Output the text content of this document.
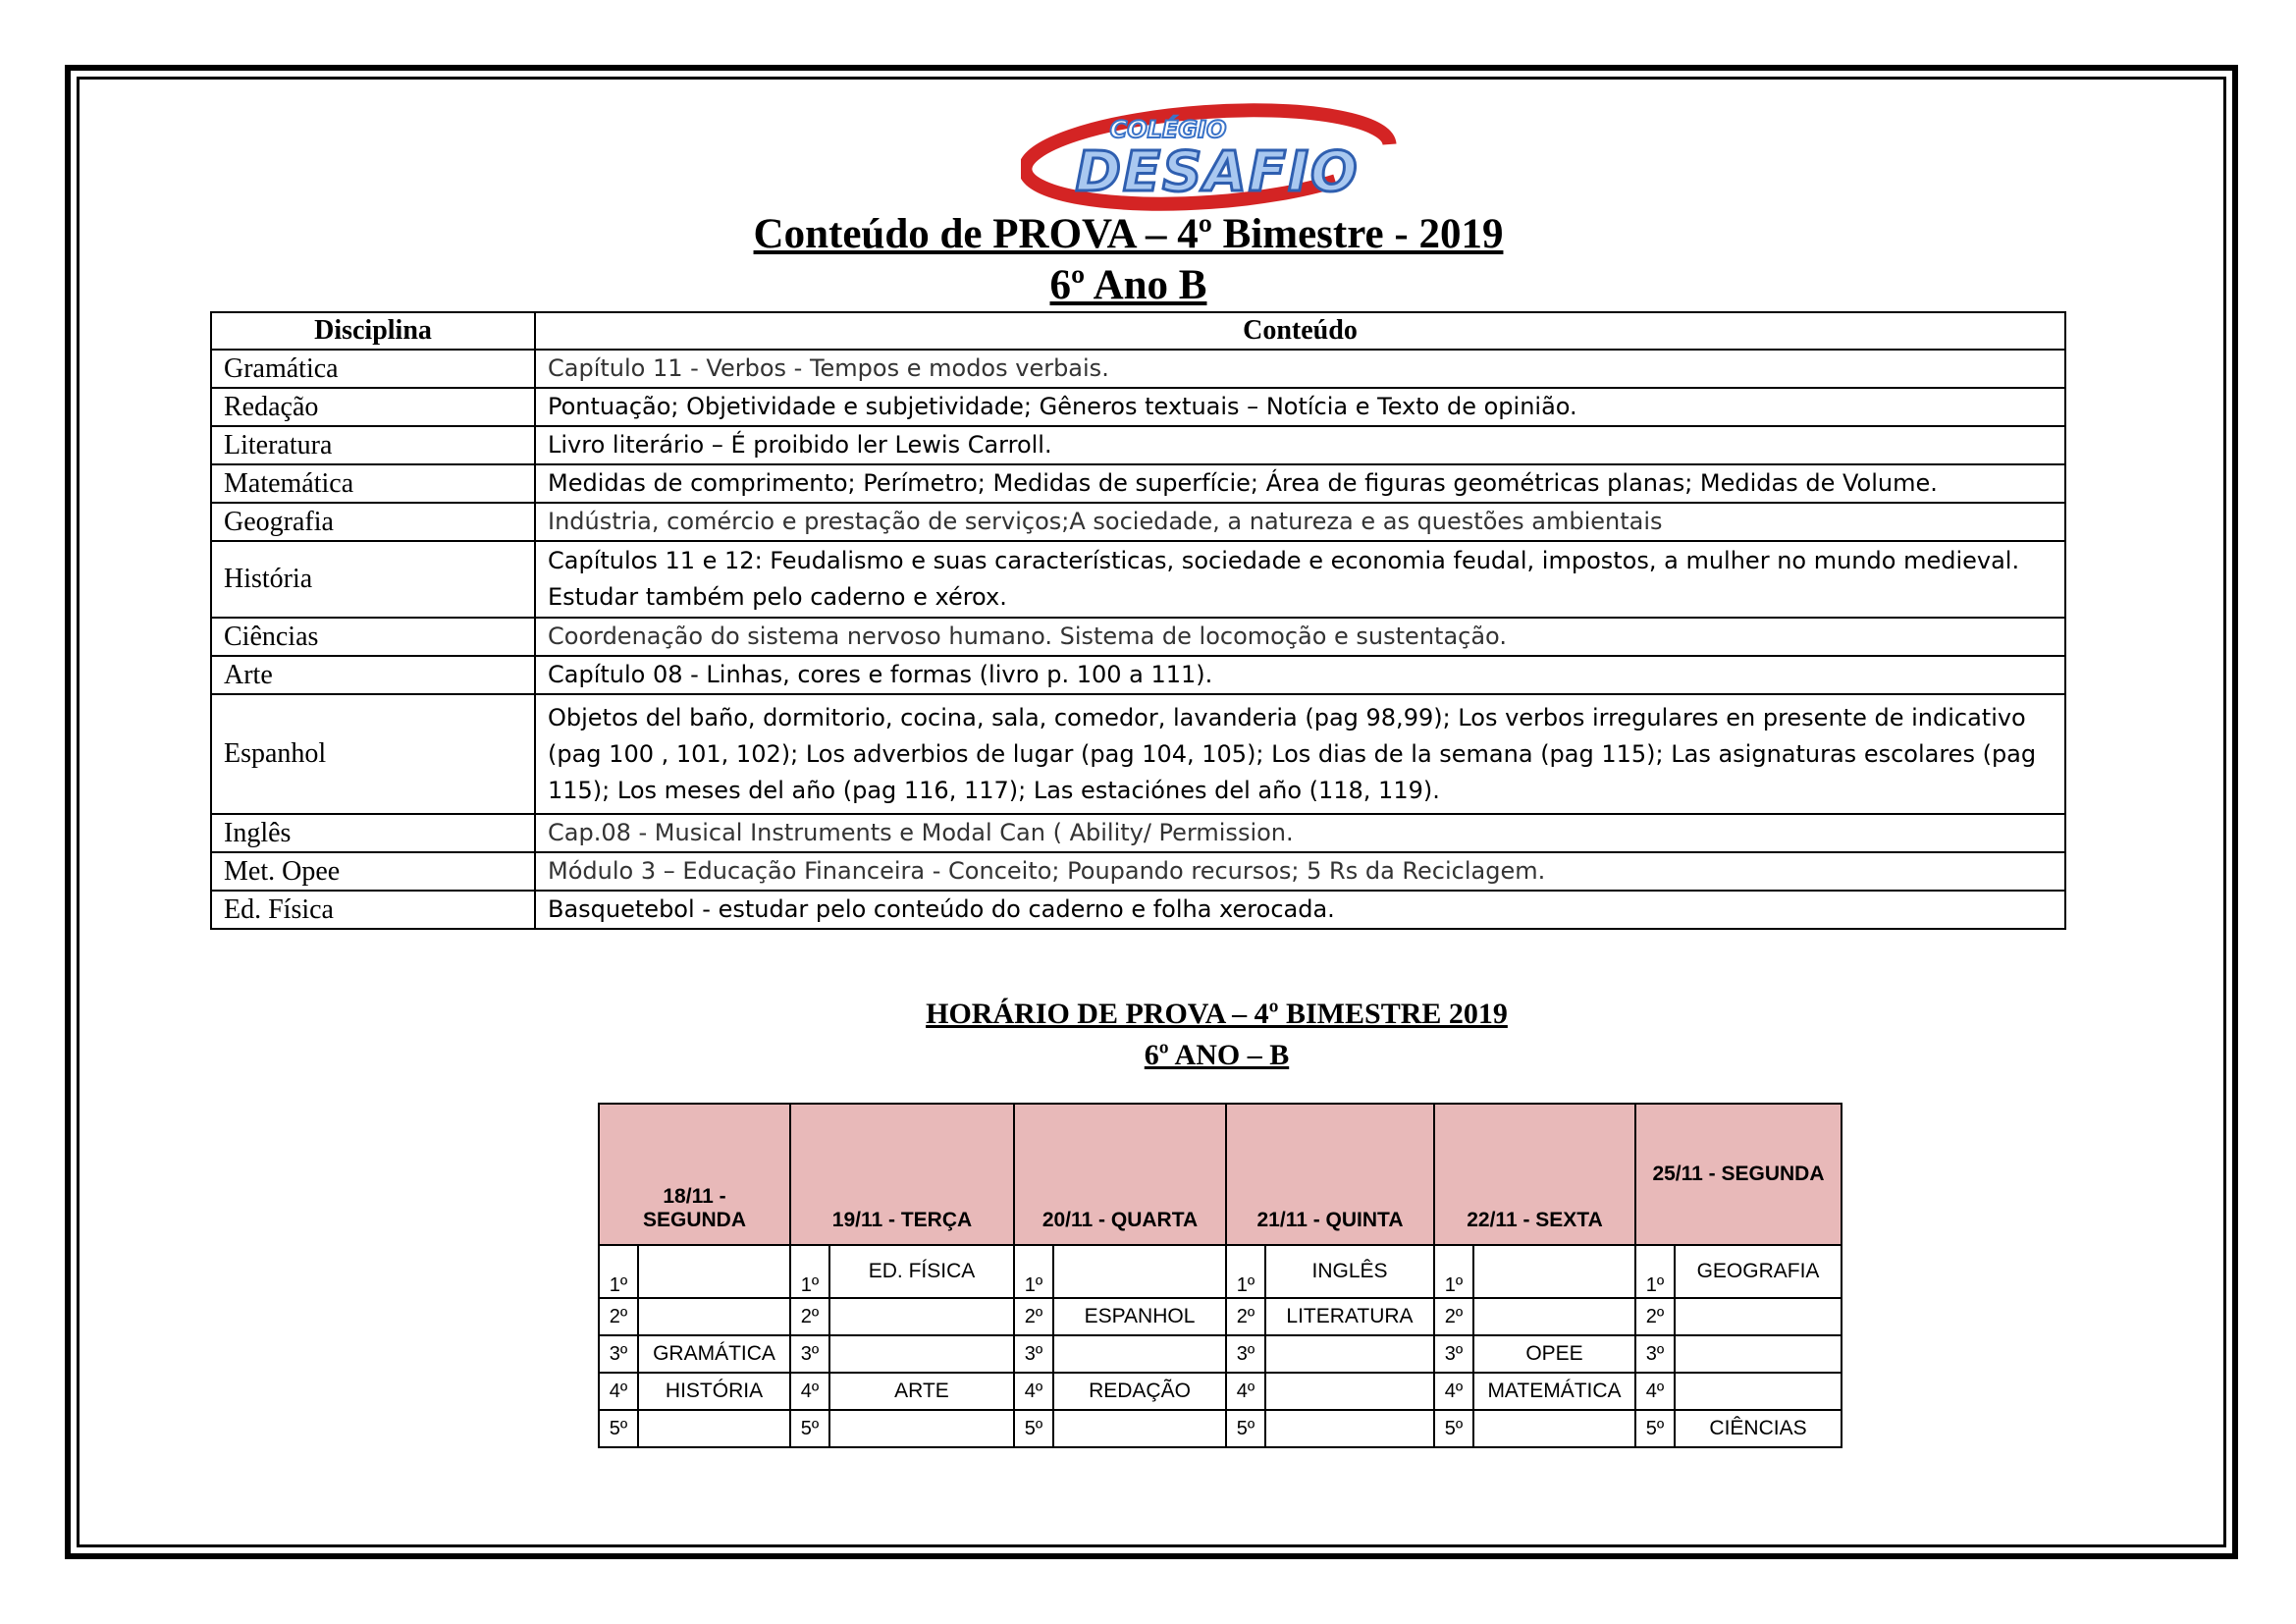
COLÉGIO
DESAFIO
Conteúdo de PROVA – 4º Bimestre - 2019
6º Ano B
Disciplina	Conteúdo
Gramática	Capítulo 11 - Verbos - Tempos e modos verbais.
Redação	Pontuação; Objetividade e subjetividade; Gêneros textuais – Notícia e Texto de opinião.
Literatura	Livro literário – É proibido ler Lewis Carroll.
Matemática	Medidas de comprimento; Perímetro; Medidas de superfície; Área de figuras geométricas planas; Medidas de Volume.
Geografia	Indústria, comércio e prestação de serviços;A sociedade, a natureza e as questões ambientais
História	Capítulos 11 e 12: Feudalismo e suas características, sociedade e economia feudal, impostos, a mulher no mundo medieval. Estudar também pelo caderno e xérox.
Ciências	Coordenação do sistema nervoso humano. Sistema de locomoção e sustentação.
Arte	Capítulo 08 - Linhas, cores e formas (livro p. 100 a 111).
Espanhol	Objetos del baño, dormitorio, cocina, sala, comedor, lavanderia (pag 98,99); Los verbos irregulares en presente de indicativo (pag 100 , 101, 102); Los adverbios de lugar (pag 104, 105); Los dias de la semana (pag 115); Las asignaturas escolares (pag 115); Los meses del año (pag 116, 117); Las estaciónes del año (118, 119).
Inglês	Cap.08 - Musical Instruments e Modal Can ( Ability/ Permission.
Met. Opee	Módulo 3 – Educação Financeira - Conceito; Poupando recursos; 5 Rs da Reciclagem.
Ed. Física	Basquetebol - estudar pelo conteúdo do caderno e folha xerocada.
HORÁRIO DE PROVA – 4º BIMESTRE 2019
6º ANO – B
18/11 - SEGUNDA		19/11 - TERÇA		20/11 - QUARTA		21/11 - QUINTA		22/11 - SEXTA		25/11 - SEGUNDA	
1º		1º	ED. FÍSICA	1º		1º	INGLÊS	1º		1º	GEOGRAFIA
2º		2º		2º	ESPANHOL	2º	LITERATURA	2º		2º	
3º	GRAMÁTICA	3º		3º		3º		3º	OPEE	3º	
4º	HISTÓRIA	4º	ARTE	4º	REDAÇÃO	4º		4º	MATEMÁTICA	4º	
5º		5º		5º		5º		5º		5º	CIÊNCIAS
